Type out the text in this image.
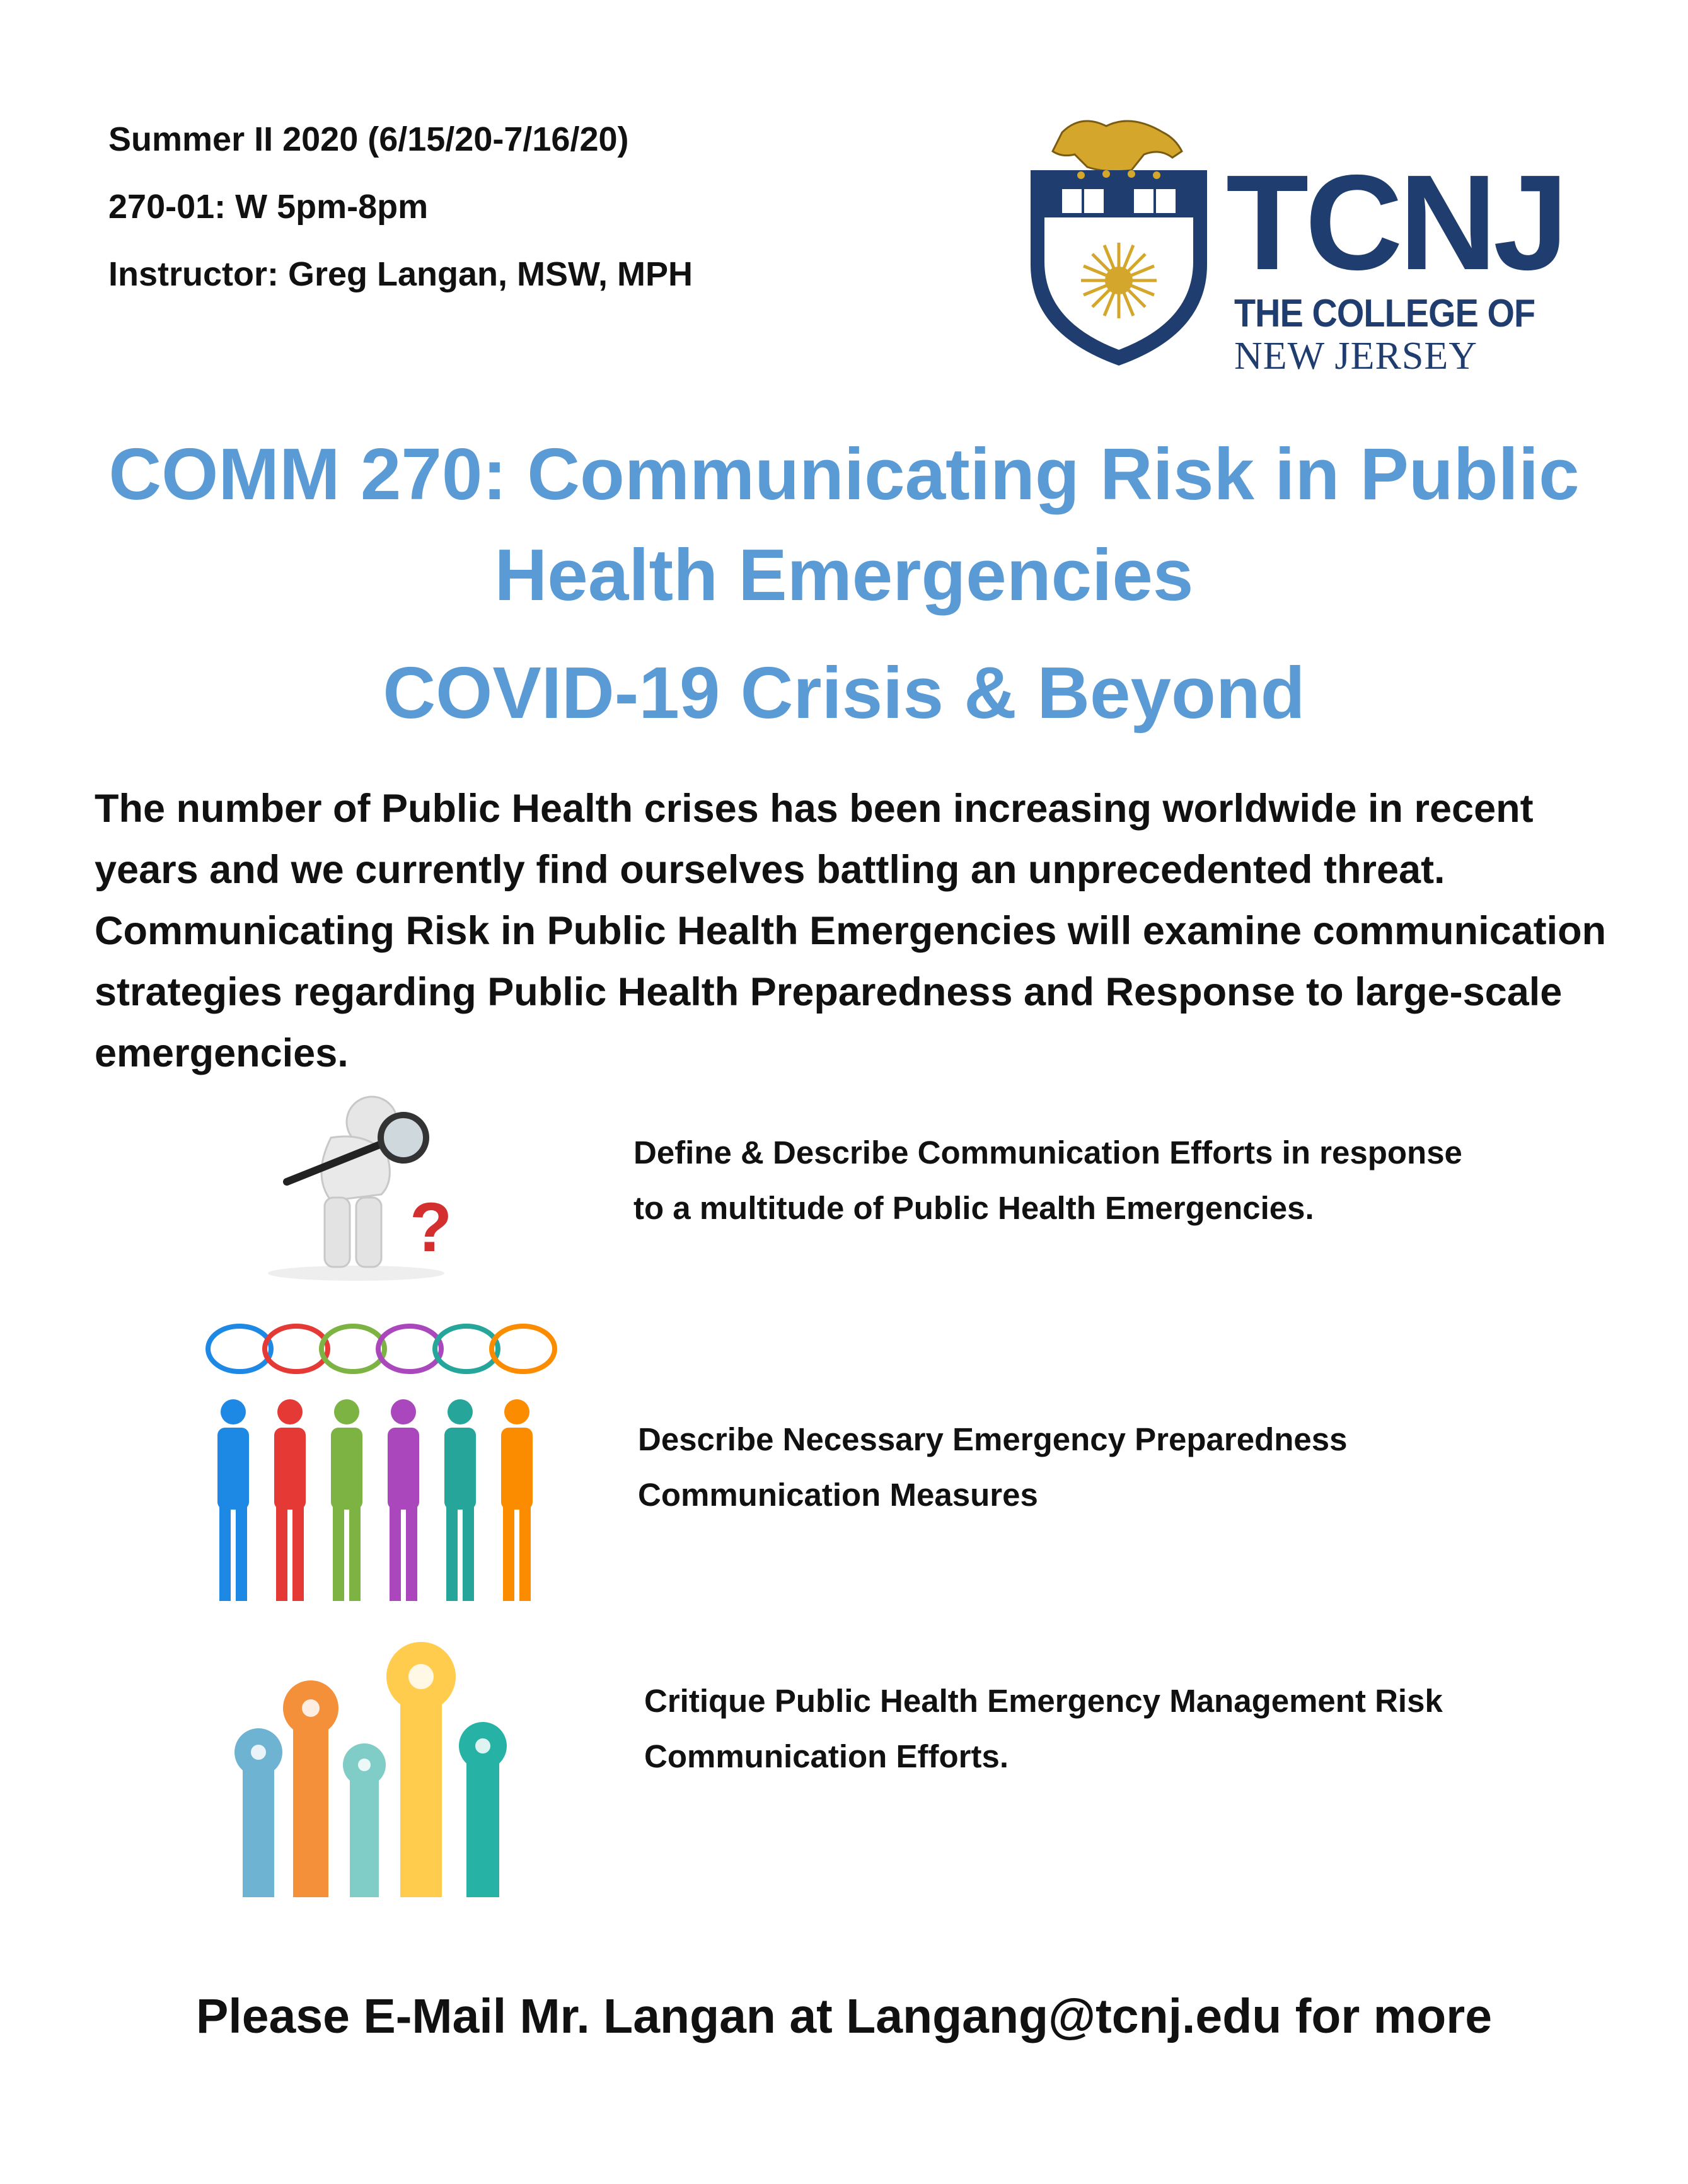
Summer II 2020 (6/15/20-7/16/20)
270-01: W 5pm-8pm
Instructor: Greg Langan, MSW, MPH	TCNJ
THE COLLEGE OF
NEW JERSEY
COMM 270: Communicating Risk in Public
Health Emergencies
COVID-19 Crisis & Beyond
The number of Public Health crises has been increasing worldwide in recent years and we currently find ourselves battling an unprecedented threat. Communicating Risk in Public Health Emergencies will examine communication strategies regarding Public Health Preparedness and Response to large-scale emergencies.
?
Define & Describe Communication Efforts in response
to a multitude of Public Health Emergencies.
Describe Necessary Emergency Preparedness
Communication Measures
Critique Public Health Emergency Management Risk
Communication Efforts.
Please E-Mail Mr. Langan at Langang@tcnj.edu for more
